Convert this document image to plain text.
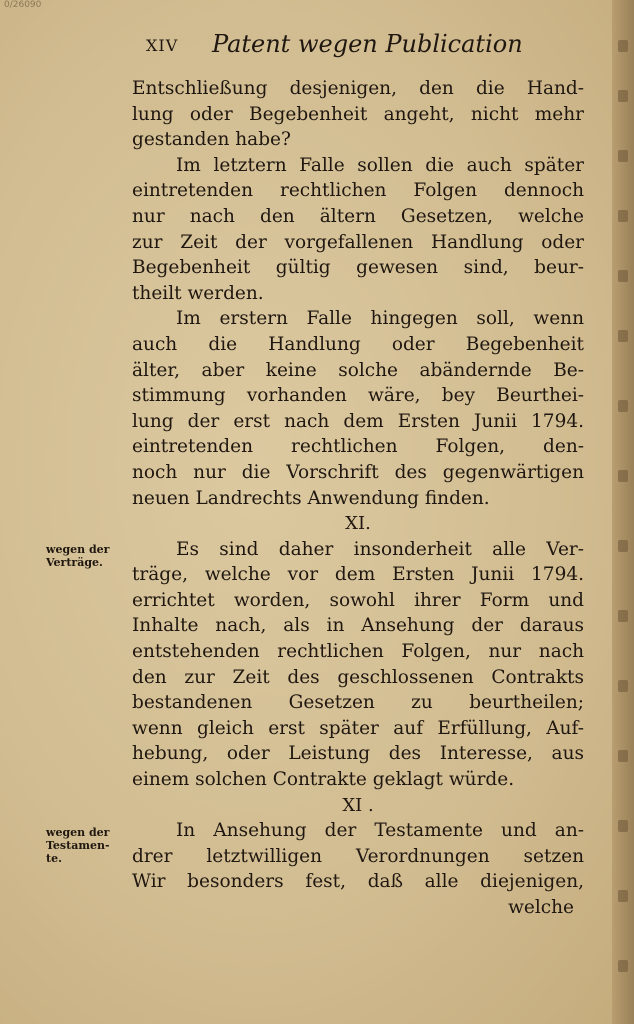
0/26090
XIV Patent wegen Publication
wegen der
Verträge.
wegen der
Testamen-
te.
Entschließung desjenigen, den die Hand-
lung oder Begebenheit angeht, nicht mehr
gestanden habe?
Im letztern Falle sollen die auch später
eintretenden rechtlichen Folgen dennoch
nur nach den ältern Gesetzen, welche
zur Zeit der vorgefallenen Handlung oder
Begebenheit gültig gewesen sind, beur-
theilt werden.
Im erstern Falle hingegen soll, wenn
auch die Handlung oder Begebenheit
älter, aber keine solche abändernde Be-
stimmung vorhanden wäre, bey Beurthei-
lung der erst nach dem Ersten Junii 1794.
eintretenden rechtlichen Folgen, den-
noch nur die Vorschrift des gegenwärtigen
neuen Landrechts Anwendung finden.
XI.
Es sind daher insonderheit alle Ver-
träge, welche vor dem Ersten Junii 1794.
errichtet worden, sowohl ihrer Form und
Inhalte nach, als in Ansehung der daraus
entstehenden rechtlichen Folgen, nur nach
den zur Zeit des geschlossenen Contrakts
bestandenen Gesetzen zu beurtheilen;
wenn gleich erst später auf Erfüllung, Auf-
hebung, oder Leistung des Interesse, aus
einem solchen Contrakte geklagt würde.
XI .
In Ansehung der Testamente und an-
drer letztwilligen Verordnungen setzen
Wir besonders fest, daß alle diejenigen,
welche
